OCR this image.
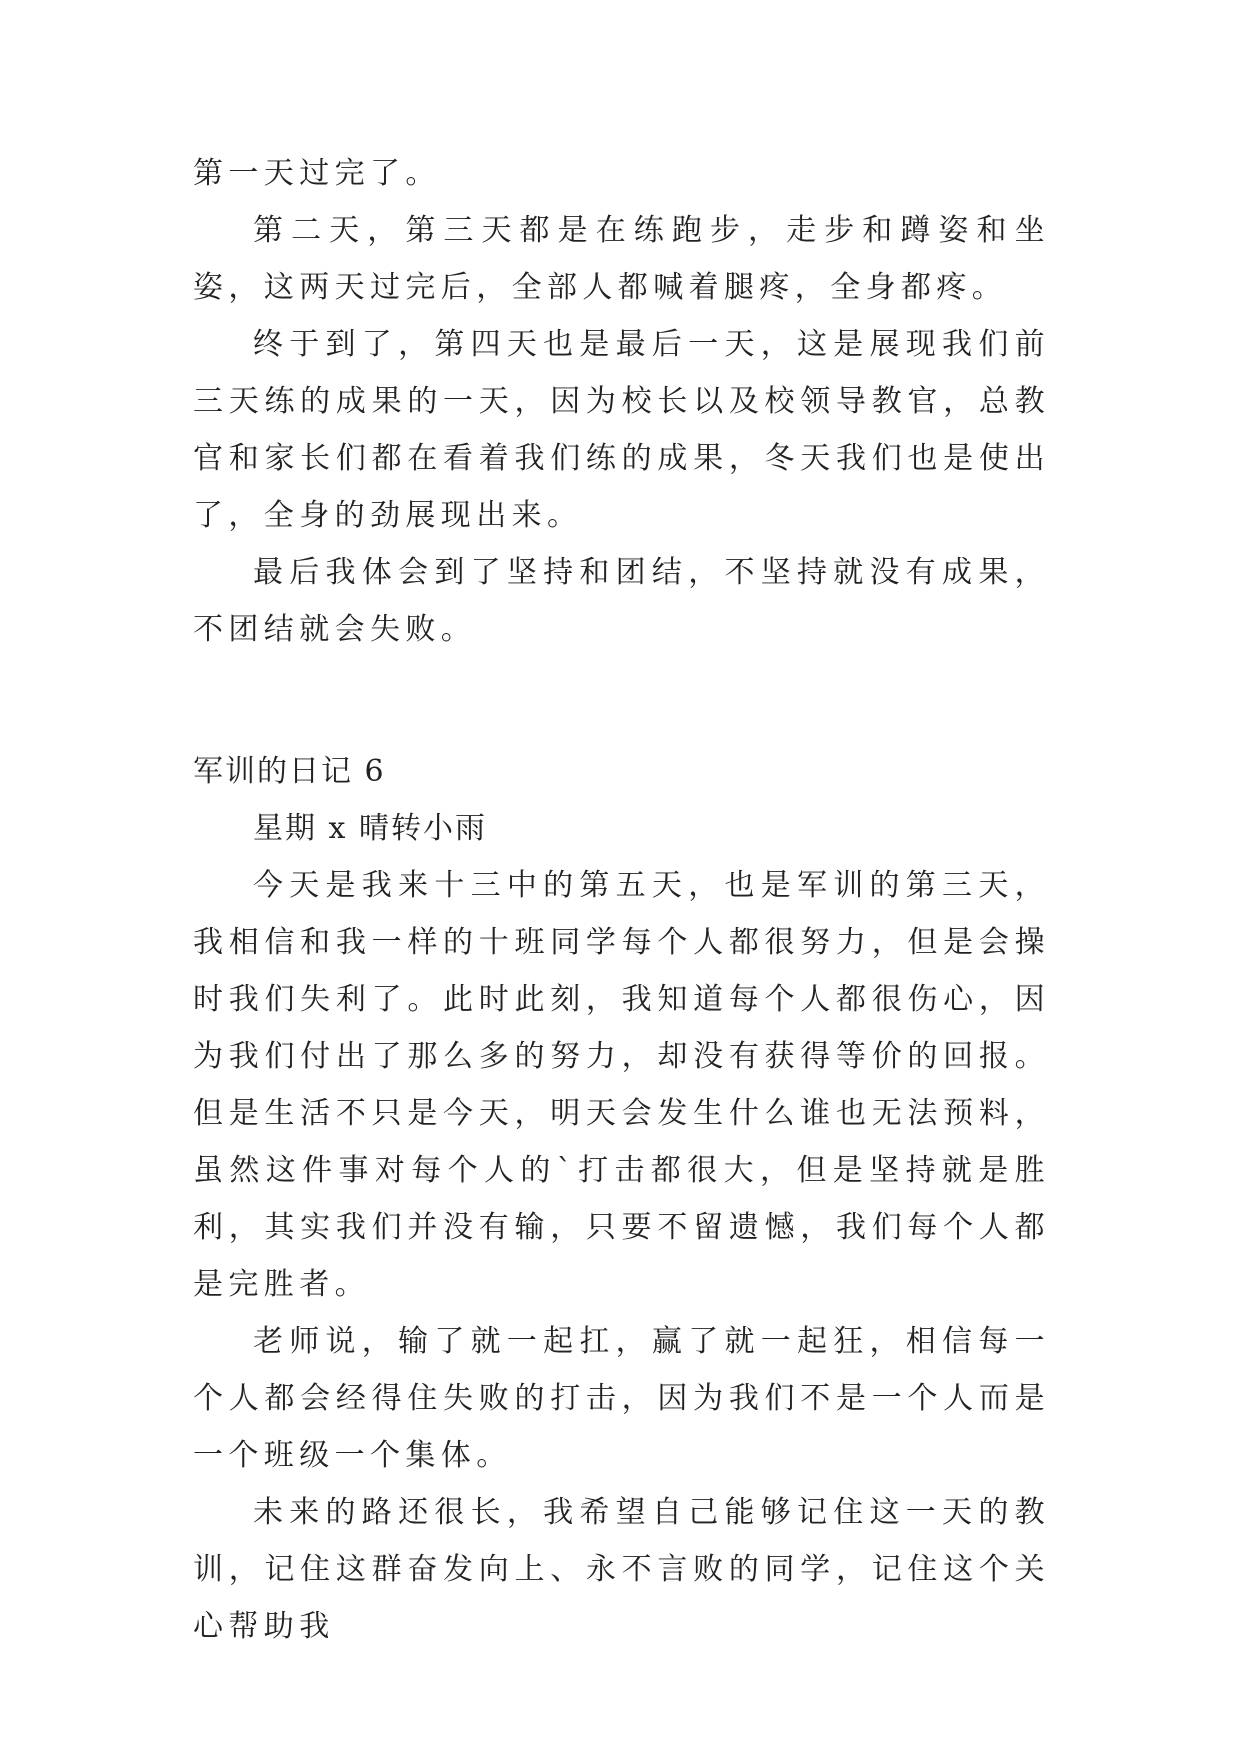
第一天过完了。

第二天，第三天都是在练跑步，走步和蹲姿和坐姿，这两天过完后，全部人都喊着腿疼，全身都疼。

终于到了，第四天也是最后一天，这是展现我们前三天练的成果的一天，因为校长以及校领导教官，总教官和家长们都在看着我们练的成果，冬天我们也是使出了，全身的劲展现出来。

最后我体会到了坚持和团结，不坚持就没有成果，不团结就会失败。

军训的日记 6

星期 x 晴转小雨

今天是我来十三中的第五天，也是军训的第三天，我相信和我一样的十班同学每个人都很努力，但是会操时我们失利了。此时此刻，我知道每个人都很伤心，因为我们付出了那么多的努力，却没有获得等价的回报。但是生活不只是今天，明天会发生什么谁也无法预料，虽然这件事对每个人的`打击都很大，但是坚持就是胜利，其实我们并没有输，只要不留遗憾，我们每个人都是完胜者。

老师说，输了就一起扛，赢了就一起狂，相信每一个人都会经得住失败的打击，因为我们不是一个人而是一个班级一个集体。

未来的路还很长，我希望自己能够记住这一天的教训，记住这群奋发向上、永不言败的同学，记住这个关心帮助我
